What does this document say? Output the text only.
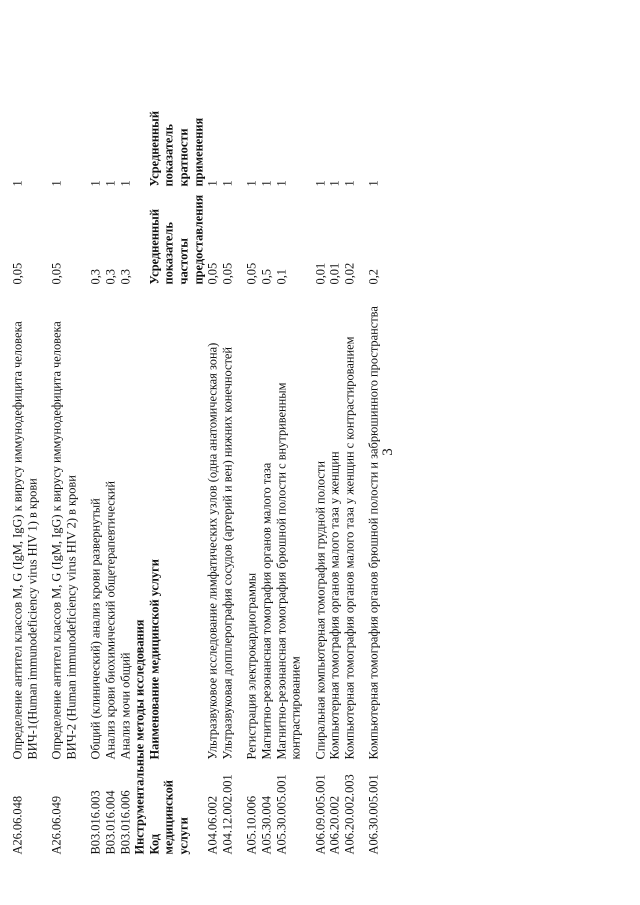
3
A26.06.048	Определение антител классов M, G (IgM, IgG) к вирусу иммунодефицита человека ВИЧ-1(Human immunodeficiency virus HIV 1) в крови	0,05	1	

A26.06.049	Определение антител классов M, G (IgM, IgG) к вирусу иммунодефицита человека ВИЧ-2 (Human immunodeficiency virus HIV 2) в крови	0,05	1	

B03.016.003	Общий (клинический) анализ крови развернутый	0,3	1	
B03.016.004	Анализ крови биохимический общетерапевтический	0,3	1	
B03.016.006	Анализ мочи общий	0,3	1	
Инструментальные методы исследования				
Код медицинской услуги	Наименование медицинской услуги	Усредненный показатель частоты предоставления	Усредненный показатель кратности применения	
A04.06.002	Ультразвуковое исследование лимфатических узлов (одна анатомическая зона)	0,05	1	
A04.12.002.001	Ультразвуковая допплерография сосудов (артерий и вен) нижних конечностей	0,05	1	

A05.10.006	Регистрация электрокардиограммы	0,05	1	
A05.30.004	Магнитно-резонансная томография органов малого таза	0,5	1	
A05.30.005.001	Магнитно-резонансная томография брюшной полости с внутривенным контрастированием	0,1	1	

A06.09.005.001	Спиральная компьютерная томография грудной полости	0,01	1	
A06.20.002	Компьютерная томография органов малого таза у женщин	0,01	1	
A06.20.002.003	Компьютерная томография органов малого таза у женщин с контрастированием	0,02	1	

A06.30.005.001	Компьютерная томография органов брюшной полости и забрюшинного пространства	0,2	1	
